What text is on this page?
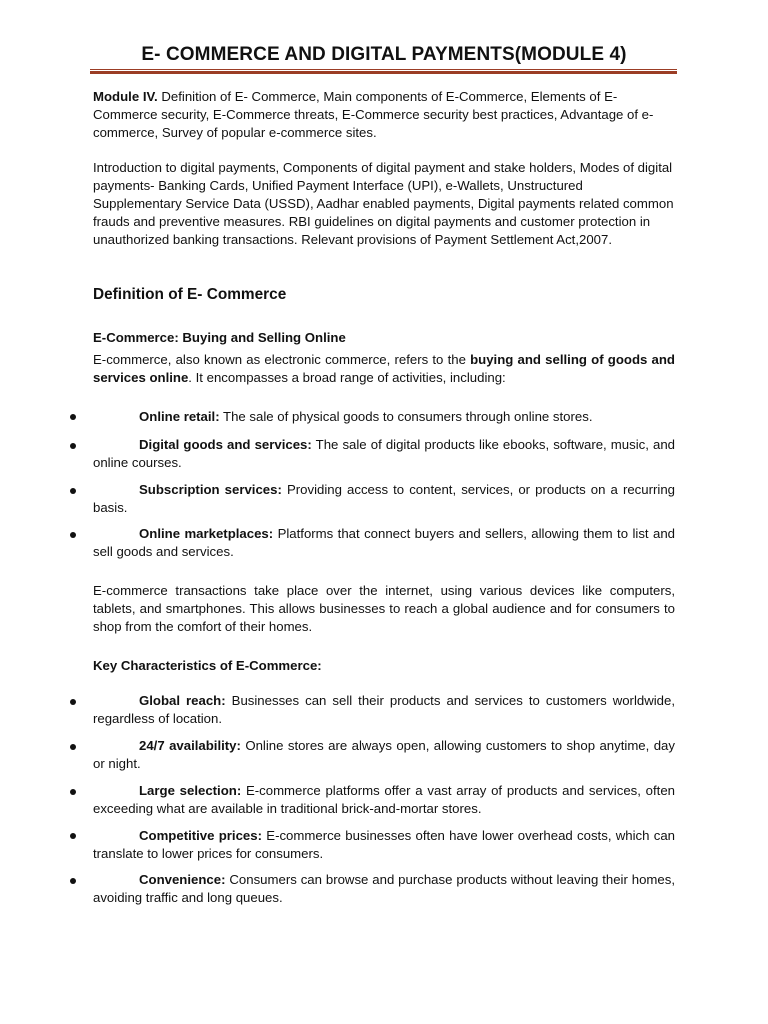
E- COMMERCE AND DIGITAL PAYMENTS(MODULE 4)
Module IV. Definition of E- Commerce, Main components of E-Commerce, Elements of E-Commerce security, E-Commerce threats, E-Commerce security best practices, Advantage of e-commerce, Survey of popular e-commerce sites.
Introduction to digital payments, Components of digital payment and stake holders, Modes of digital payments- Banking Cards, Unified Payment Interface (UPI), e-Wallets, Unstructured Supplementary Service Data (USSD), Aadhar enabled payments, Digital payments related common frauds and preventive measures. RBI guidelines on digital payments and customer protection in unauthorized banking transactions. Relevant provisions of Payment Settlement Act,2007.
Definition of E- Commerce
E-Commerce: Buying and Selling Online
E-commerce, also known as electronic commerce, refers to the buying and selling of goods and services online. It encompasses a broad range of activities, including:
Online retail: The sale of physical goods to consumers through online stores.
Digital goods and services: The sale of digital products like ebooks, software, music, and online courses.
Subscription services: Providing access to content, services, or products on a recurring basis.
Online marketplaces: Platforms that connect buyers and sellers, allowing them to list and sell goods and services.
E-commerce transactions take place over the internet, using various devices like computers, tablets, and smartphones. This allows businesses to reach a global audience and for consumers to shop from the comfort of their homes.
Key Characteristics of E-Commerce:
Global reach: Businesses can sell their products and services to customers worldwide, regardless of location.
24/7 availability: Online stores are always open, allowing customers to shop anytime, day or night.
Large selection: E-commerce platforms offer a vast array of products and services, often exceeding what are available in traditional brick-and-mortar stores.
Competitive prices: E-commerce businesses often have lower overhead costs, which can translate to lower prices for consumers.
Convenience: Consumers can browse and purchase products without leaving their homes, avoiding traffic and long queues.
